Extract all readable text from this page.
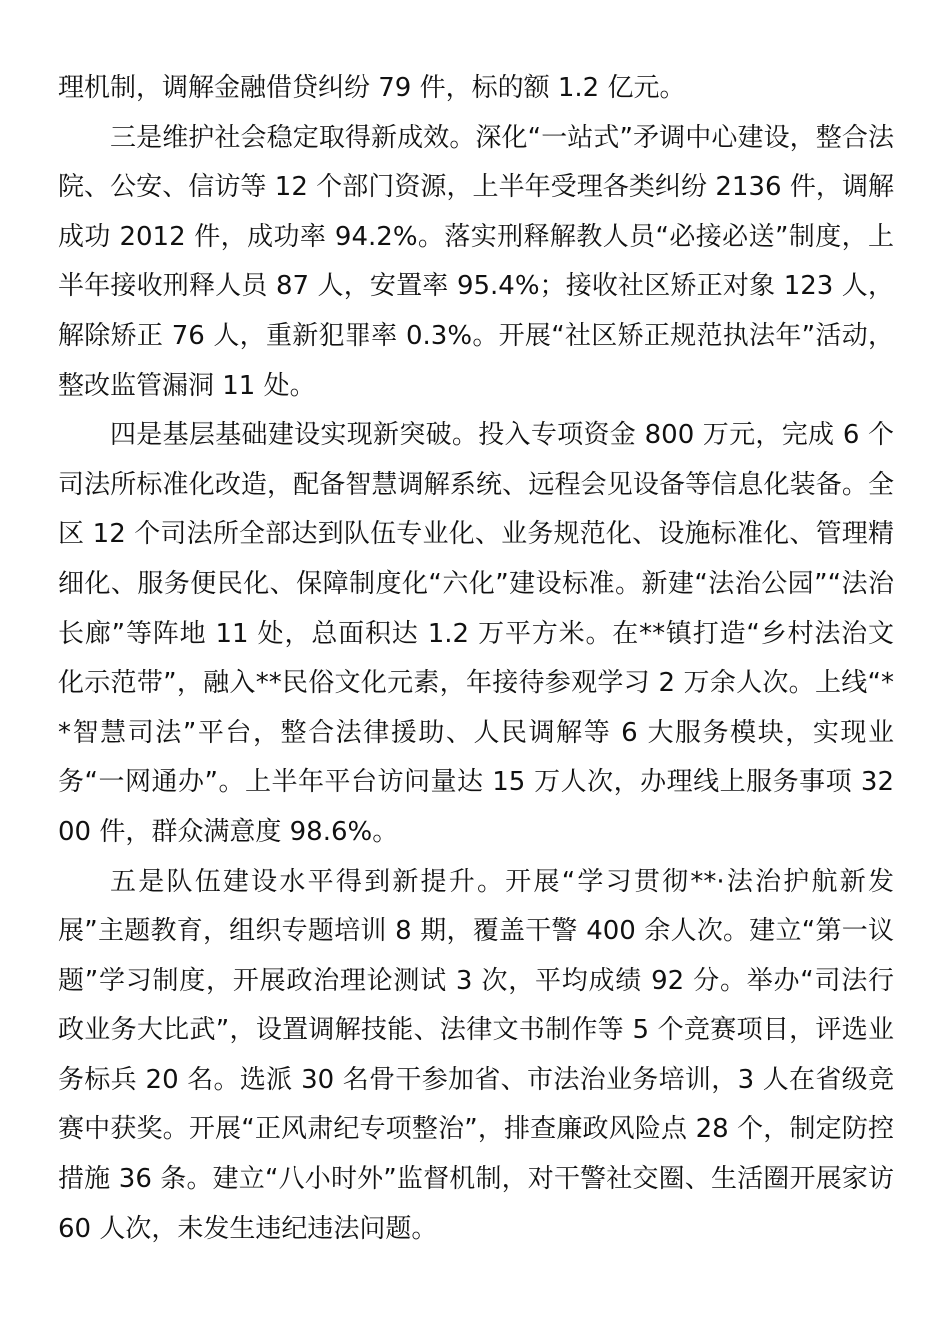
理机制，调解金融借贷纠纷 79 件，标的额 1.2 亿元。

三是维护社会稳定取得新成效。深化“一站式”矛调中心建设，整合法院、公安、信访等 12 个部门资源，上半年受理各类纠纷 2136 件，调解成功 2012 件，成功率 94.2%。落实刑释解教人员“必接必送”制度，上半年接收刑释人员 87 人，安置率 95.4%；接收社区矫正对象 123 人，解除矫正 76 人，重新犯罪率 0.3%。开展“社区矫正规范执法年”活动，整改监管漏洞 11 处。

四是基层基础建设实现新突破。投入专项资金 800 万元，完成 6 个司法所标准化改造，配备智慧调解系统、远程会见设备等信息化装备。全区 12 个司法所全部达到队伍专业化、业务规范化、设施标准化、管理精细化、服务便民化、保障制度化“六化”建设标准。新建“法治公园”“法治长廊”等阵地 11 处，总面积达 1.2 万平方米。在**镇打造“乡村法治文化示范带”，融入**民俗文化元素，年接待参观学习 2 万余人次。上线“**智慧司法”平台，整合法律援助、人民调解等 6 大服务模块，实现业务“一网通办”。上半年平台访问量达 15 万人次，办理线上服务事项 3200 件，群众满意度 98.6%。

五是队伍建设水平得到新提升。开展“学习贯彻**·法治护航新发展”主题教育，组织专题培训 8 期，覆盖干警 400 余人次。建立“第一议题”学习制度，开展政治理论测试 3 次，平均成绩 92 分。举办“司法行政业务大比武”，设置调解技能、法律文书制作等 5 个竞赛项目，评选业务标兵 20 名。选派 30 名骨干参加省、市法治业务培训，3 人在省级竞赛中获奖。开展“正风肃纪专项整治”，排查廉政风险点 28 个，制定防控措施 36 条。建立“八小时外”监督机制，对干警社交圈、生活圈开展家访 60 人次，未发生违纪违法问题。
